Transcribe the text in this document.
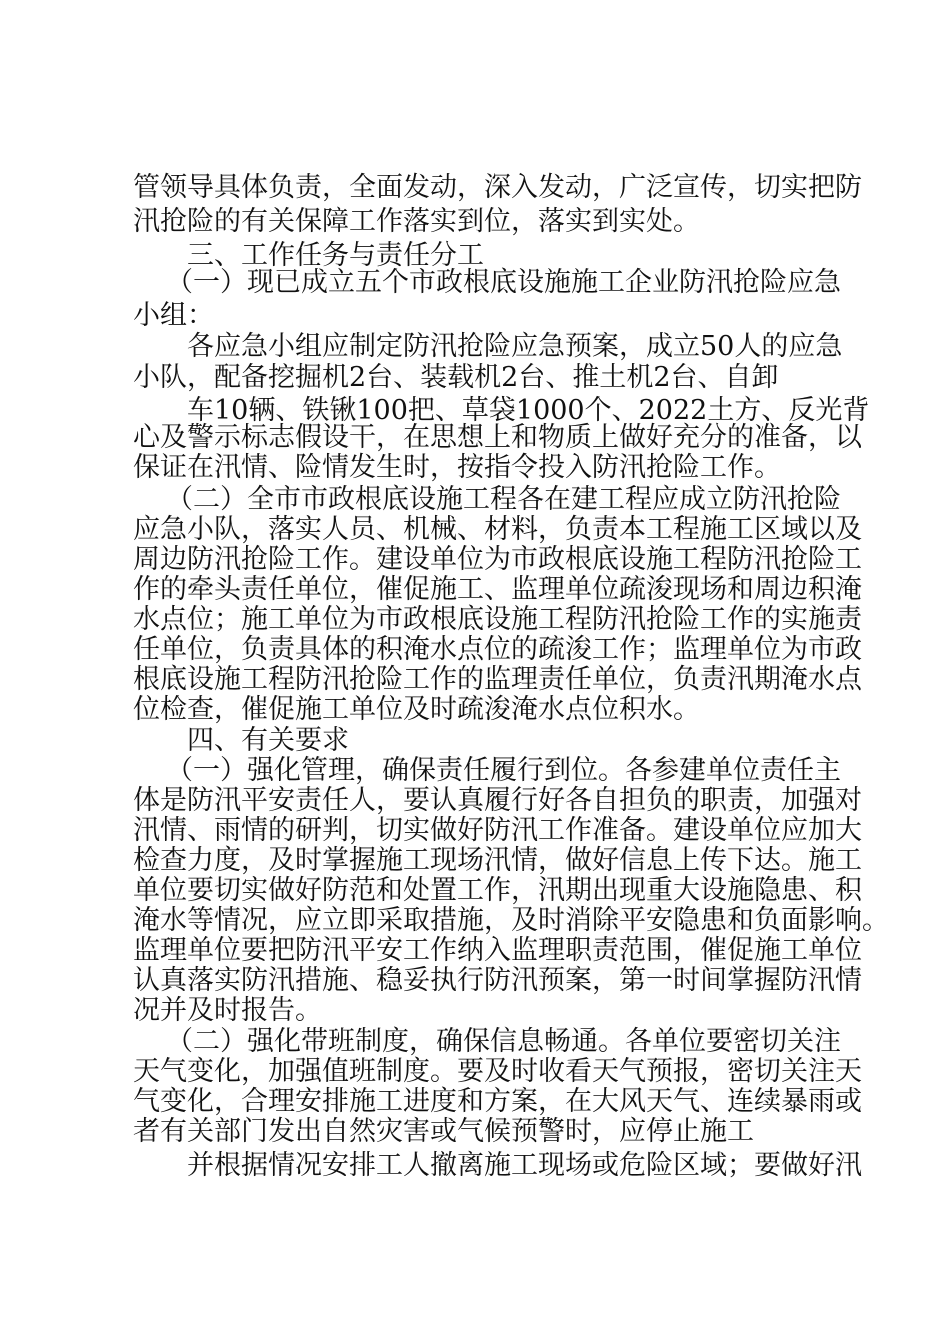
管领导具体负责，全面发动，深入发动，广泛宣传，切实把防
汛抢险的有关保障工作落实到位，落实到实处。
三、工作任务与责任分工
（一）现已成立五个市政根底设施施工企业防汛抢险应急
小组：
各应急小组应制定防汛抢险应急预案，成立50人的应急
小队，配备挖掘机2台、装载机2台、推土机2台、自卸
车10辆、铁锹100把、草袋1000个、2022土方、反光背
心及警示标志假设干，在思想上和物质上做好充分的准备，以
保证在汛情、险情发生时，按指令投入防汛抢险工作。
（二）全市市政根底设施工程各在建工程应成立防汛抢险
应急小队，落实人员、机械、材料，负责本工程施工区域以及
周边防汛抢险工作。建设单位为市政根底设施工程防汛抢险工
作的牵头责任单位，催促施工、监理单位疏浚现场和周边积淹
水点位；施工单位为市政根底设施工程防汛抢险工作的实施责
任单位，负责具体的积淹水点位的疏浚工作；监理单位为市政
根底设施工程防汛抢险工作的监理责任单位，负责汛期淹水点
位检查，催促施工单位及时疏浚淹水点位积水。
四、有关要求
（一）强化管理，确保责任履行到位。各参建单位责任主
体是防汛平安责任人，要认真履行好各自担负的职责，加强对
汛情、雨情的研判，切实做好防汛工作准备。建设单位应加大
检查力度，及时掌握施工现场汛情，做好信息上传下达。施工
单位要切实做好防范和处置工作，汛期出现重大设施隐患、积
淹水等情况，应立即采取措施，及时消除平安隐患和负面影响。
监理单位要把防汛平安工作纳入监理职责范围，催促施工单位
认真落实防汛措施、稳妥执行防汛预案，第一时间掌握防汛情
况并及时报告。
（二）强化带班制度，确保信息畅通。各单位要密切关注
天气变化，加强值班制度。要及时收看天气预报，密切关注天
气变化，合理安排施工进度和方案，在大风天气、连续暴雨或
者有关部门发出自然灾害或气候预警时，应停止施工
并根据情况安排工人撤离施工现场或危险区域；要做好汛
